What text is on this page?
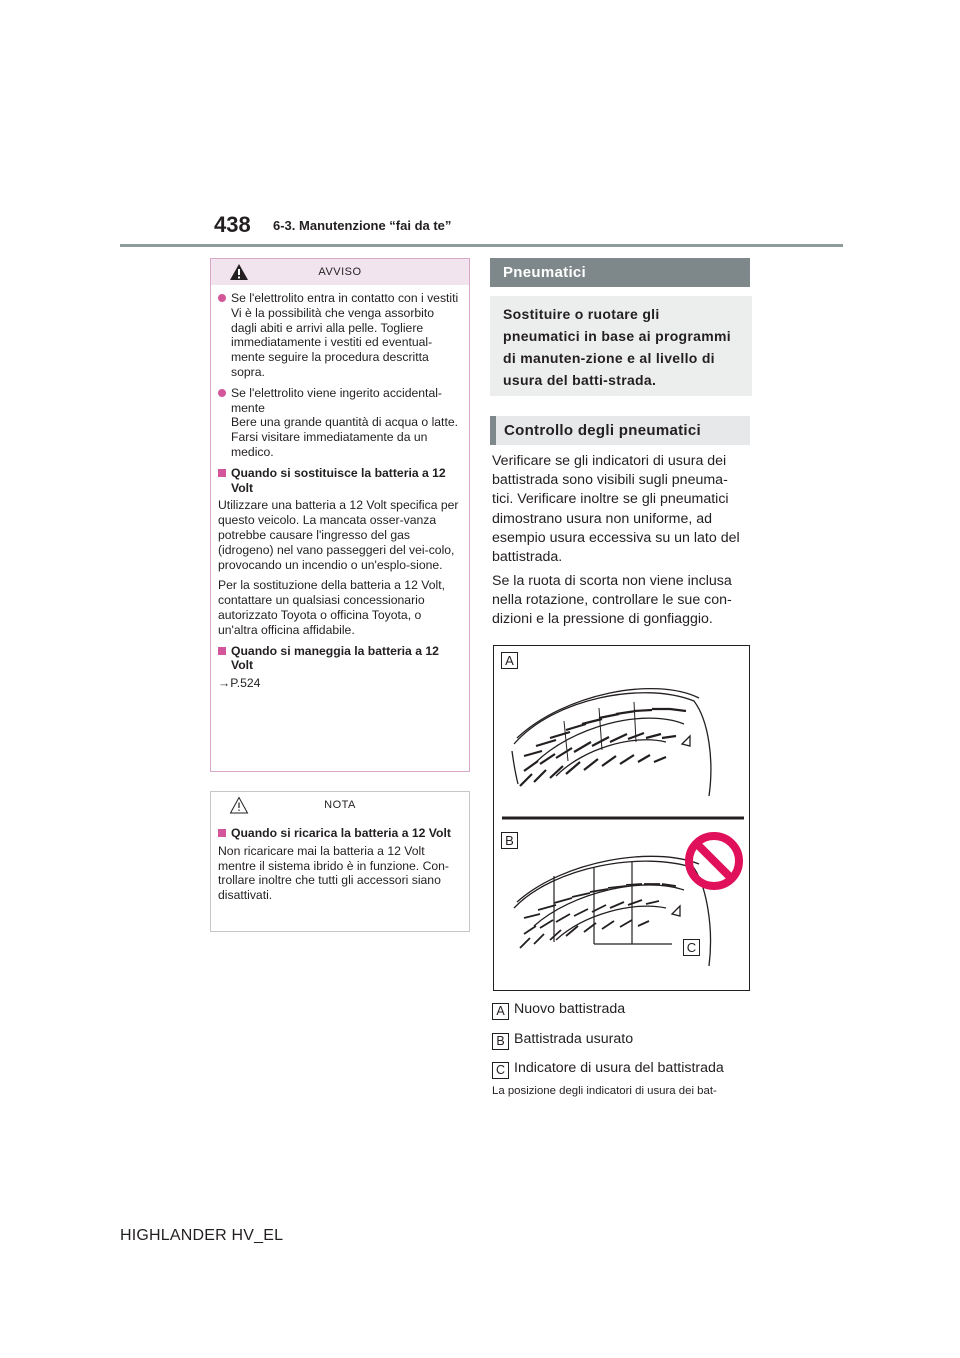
438 6-3. Manutenzione “fai da te”
AVVISO
Se l'elettrolito entra in contatto con i vestiti
Vi è la possibilità che venga assorbito dagli abiti e arrivi alla pelle. Togliere immediatamente i vestiti ed eventual-mente seguire la procedura descritta sopra.
Se l'elettrolito viene ingerito accidental-mente
Bere una grande quantità di acqua o latte. Farsi visitare immediatamente da un medico.
Quando si sostituisce la batteria a 12 Volt
Utilizzare una batteria a 12 Volt specifica per questo veicolo. La mancata osser-vanza potrebbe causare l'ingresso del gas (idrogeno) nel vano passeggeri del vei-colo, provocando un incendio o un'esplo-sione.
Per la sostituzione della batteria a 12 Volt, contattare un qualsiasi concessionario autorizzato Toyota o officina Toyota, o un'altra officina affidabile.
Quando si maneggia la batteria a 12 Volt
→P.524
NOTA
Quando si ricarica la batteria a 12 Volt
Non ricaricare mai la batteria a 12 Volt mentre il sistema ibrido è in funzione. Con-trollare inoltre che tutti gli accessori siano disattivati.
Pneumatici
Sostituire o ruotare gli pneumatici in base ai programmi di manuten-zione e al livello di usura del batti-strada.
Controllo degli pneumatici
Verificare se gli indicatori di usura dei
battistrada sono visibili sugli pneuma-
tici. Verificare inoltre se gli pneumatici
dimostrano usura non uniforme, ad
esempio usura eccessiva su un lato del
battistrada.
Se la ruota di scorta non viene inclusa
nella rotazione, controllare le sue con-
dizioni e la pressione di gonfiaggio.
A
B
C
A Nuovo battistrada
B Battistrada usurato
C Indicatore di usura del battistrada
La posizione degli indicatori di usura dei bat-
HIGHLANDER HV_EL
